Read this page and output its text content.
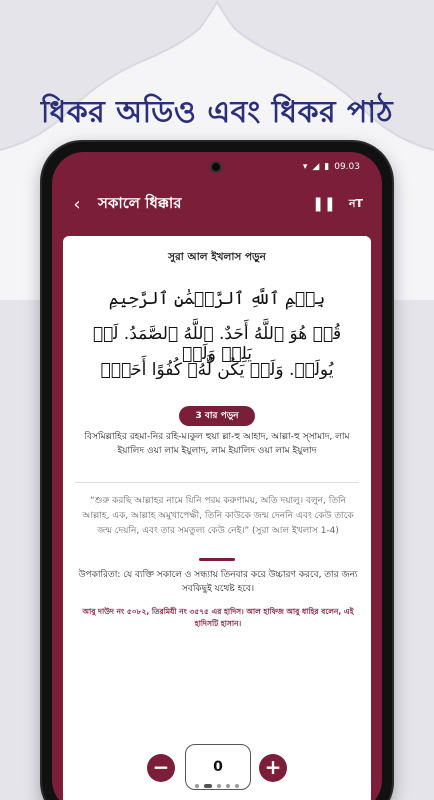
ধিকর অডিও এবং ধিকর পাঠ
▾ ◢ ▮ 09.03
‹	সকালে ধিক্কার	❚❚	নT
সুরা আল ইখলাস পড়ুন
بِسۡمِ ٱللَّهِ ٱلرَّحۡمَٰنِ ٱلرَّحِيمِ
قُلۡ هُوَ ٱللَّهُ أَحَدٌ. ٱللَّهُ ٱلصَّمَدُ. لَمۡ يَلِدۡ وَلَمۡ
يُولَدۡ. وَلَمۡ يَكُن لَّهُۥ كُفُوًا أَحَدٌۢ
3 বার পড়ুন
বিসমিল্লাহির রহমা-নির রহি-ম।কুল হুয়া ল্লা-হু আহাদ, আল্লা-হু স্সামাদ, লাম ইয়ালিদ ওয়া লাম ইয়ুলাদ, লাম ইয়ালিদ ওয়া লাম ইয়ুলাদ
“শুরু করছি আল্লাহর নামে যিনি পরম করুণাময়, অতি দয়ালু। বলুন, তিনি আল্লাহ, এক, আল্লাহ অমুখাপেক্ষী, তিনি কাউকে জন্ম দেননি এবং কেউ তাকে জন্ম দেয়নি, এবং তার সমতুল্য কেউ নেই।” (সুরা আল ইখলাস 1-4)
উপকারিতা: যে ব্যক্তি সকালে ও সন্ধ্যায় তিনবার করে উচ্চারণ করবে, তার জন্য সবকিছুই যথেষ্ট হবে।
আবু দাউদ নং ৫০৮২, তিরমিযী নং ৩৫৭৫ এর হাদিস। আল হাফিজ আবু ধাহির বলেন, এই হাদিসটি হাসান।
−	0	+
